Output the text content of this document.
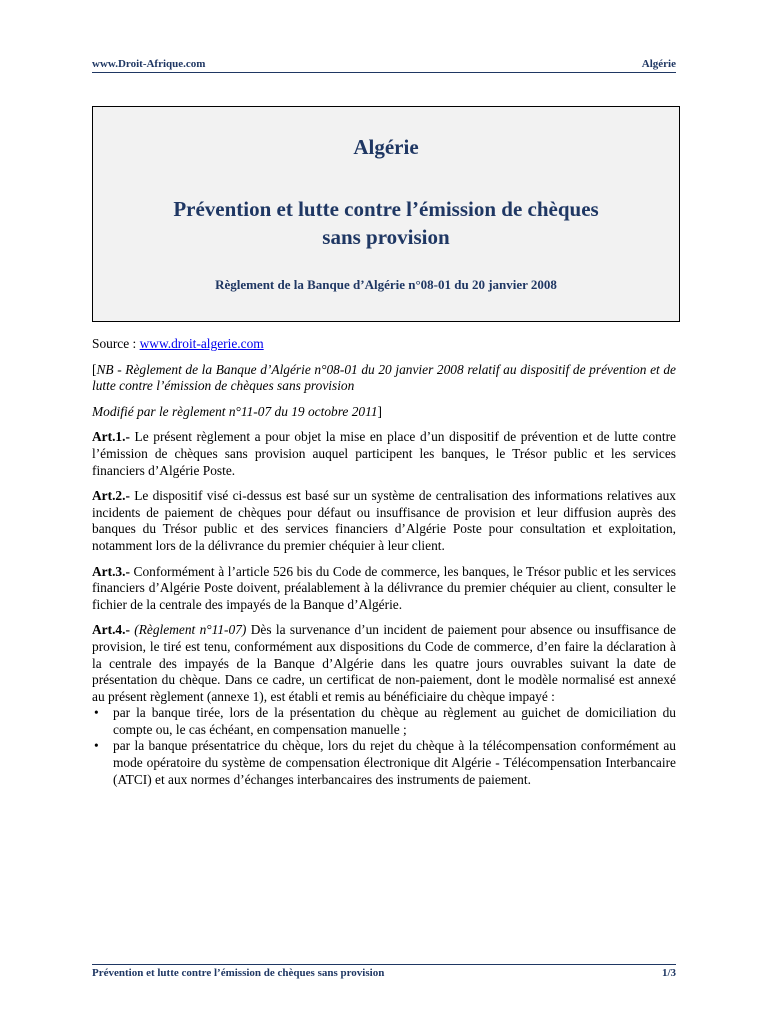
www.Droit-Afrique.com	Algérie
Algérie
Prévention et lutte contre l’émission de chèques
sans provision
Règlement de la Banque d’Algérie n°08-01 du 20 janvier 2008

Source : www.droit-algerie.com

[NB - Règlement de la Banque d’Algérie n°08-01 du 20 janvier 2008 relatif au dispositif de prévention et de lutte contre l’émission de chèques sans provision

Modifié par le règlement n°11-07 du 19 octobre 2011]

Art.1.- Le présent règlement a pour objet la mise en place d’un dispositif de prévention et de lutte contre l’émission de chèques sans provision auquel participent les banques, le Trésor public et les services financiers d’Algérie Poste.

Art.2.- Le dispositif visé ci-dessus est basé sur un système de centralisation des informations relatives aux incidents de paiement de chèques pour défaut ou insuffisance de provision et leur diffusion auprès des banques du Trésor public et des services financiers d’Algérie Poste pour consultation et exploitation, notamment lors de la délivrance du premier chéquier à leur client.

Art.3.- Conformément à l’article 526 bis du Code de commerce, les banques, le Trésor public et les services financiers d’Algérie Poste doivent, préalablement à la délivrance du premier chéquier au client, consulter le fichier de la centrale des impayés de la Banque d’Algérie.

Art.4.- (Règlement n°11-07) Dès la survenance d’un incident de paiement pour absence ou insuffisance de provision, le tiré est tenu, conformément aux dispositions du Code de commerce, d’en faire la déclaration à la centrale des impayés de la Banque d’Algérie dans les quatre jours ouvrables suivant la date de présentation du chèque. Dans ce cadre, un certificat de non-paiement, dont le modèle normalisé est annexé au présent règlement (annexe 1), est établi et remis au bénéficiaire du chèque impayé :
• par la banque tirée, lors de la présentation du chèque au règlement au guichet de domiciliation du compte ou, le cas échéant, en compensation manuelle ;
• par la banque présentatrice du chèque, lors du rejet du chèque à la télécompensation conformément au mode opératoire du système de compensation électronique dit Algérie - Télécompensation Interbancaire (ATCI) et aux normes d’échanges interbancaires des instruments de paiement.
Prévention et lutte contre l’émission de chèques sans provision	1/3
